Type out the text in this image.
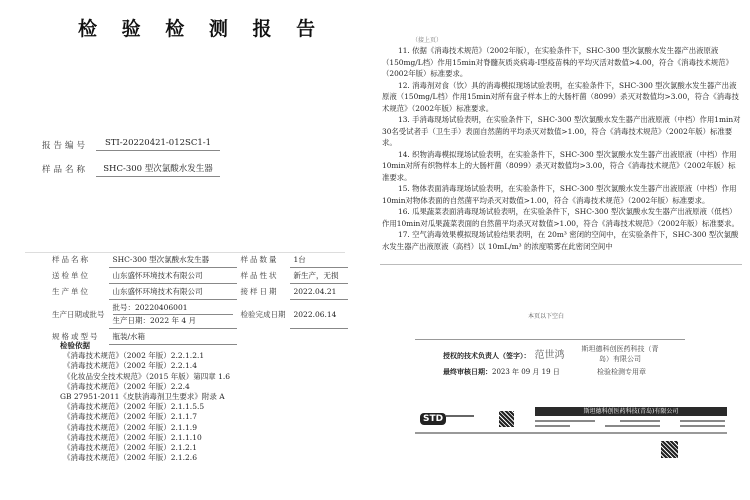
检 验 检 测 报 告
报告编号	STI-20220421-012SC1-1
样品名称	SHC-300 型次氯酸水发生器
样品名称	SHC-300 型次氯酸水发生器	样品数量	1台
送检单位	山东盛怀环境技术有限公司	样品性状	新生产，无损
生产单位	山东盛怀环境技术有限公司	接样日期	2022.04.21
生产日期或批号	批号：20220406001
生产日期：2022 年 4 月	检验完成日期	2022.06.14
规格或型号	瓶装/水箱		
检验依据
《消毒技术规范》（2002 年版）2.2.1.2.1
《消毒技术规范》（2002 年版）2.2.1.4
《化妆品安全技术规范》（2015 年版）第四章 1.6
《消毒技术规范》（2002 年版）2.2.4
GB 27951-2011《皮肤消毒剂卫生要求》附录 A
《消毒技术规范》（2002 年版）2.1.1.5.5
《消毒技术规范》（2002 年版）2.1.1.7
《消毒技术规范》（2002 年版）2.1.1.9
《消毒技术规范》（2002 年版）2.1.1.10
《消毒技术规范》（2002 年版）2.1.2.1
《消毒技术规范》（2002 年版）2.1.2.6
（接上页）

11. 依据《消毒技术规范》（2002年版），在实验条件下，SHC-300 型次氯酸水发生器产出液原液（150mg/L档）作用15min对脊髓灰质炎病毒-Ⅰ型疫苗株的平均灭活对数值>4.00，符合《消毒技术规范》（2002年版）标准要求。

12. 消毒剂对食（饮）具的消毒模拟现场试验表明，在实验条件下，SHC-300 型次氯酸水发生器产出液原液（150mg/L档）作用15min对所有盘子样本上的大肠杆菌（8099）杀灭对数值均>3.00，符合《消毒技术规范》（2002年版）标准要求。

13. 手消毒现场试验表明，在实验条件下，SHC-300 型次氯酸水发生器产出液原液（中档）作用1min对30名受试者手（卫生手）表面自然菌的平均杀灭对数值>1.00，符合《消毒技术规范》（2002年版）标准要求。

14. 织物消毒模拟现场试验表明，在实验条件下，SHC-300 型次氯酸水发生器产出液原液（中档）作用10min对所有织物样本上的大肠杆菌（8099）杀灭对数值均>3.00，符合《消毒技术规范》（2002年版）标准要求。

15. 物体表面消毒现场试验表明，在实验条件下，SHC-300 型次氯酸水发生器产出液原液（中档）作用10min对物体表面的自然菌平均杀灭对数值>1.00，符合《消毒技术规范》（2002年版）标准要求。

16. 瓜果蔬菜表面消毒现场试验表明，在实验条件下，SHC-300 型次氯酸水发生器产出液原液（低档）作用10min对瓜果蔬菜表面的自然菌平均杀灭对数值>1.00，符合《消毒技术规范》（2002年版）标准要求。

17. 空气消毒效果模拟现场试验结果表明，在 20m³ 密闭的空间中，在实验条件下，SHC-300 型次氯酸水发生器产出液原液（高档）以 10mL/m³ 的浓度喷雾在此密闭空间中

本页以下空白
授权的技术负责人（签字）： 范世鸿
最终审核日期：2023 年 09 月 19 日
斯坦德科创医药科技（青岛）有限公司
检验检测专用章
STD
斯坦德科创医药科技(青岛)有限公司
